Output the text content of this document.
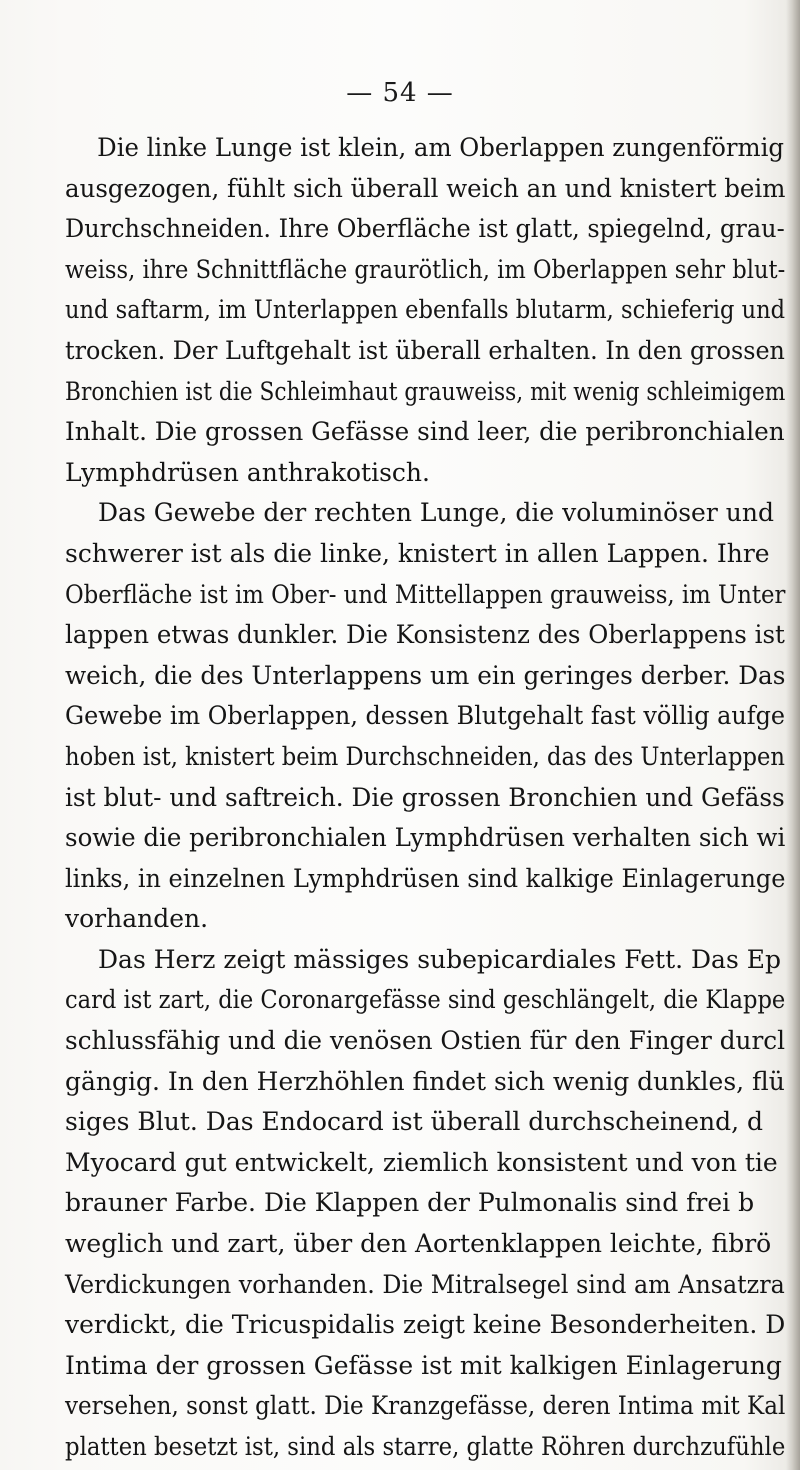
— 54 —
Die linke Lunge ist klein, am Oberlappen zungenförmig
ausgezogen, fühlt sich überall weich an und knistert beim
Durchschneiden. Ihre Oberfläche ist glatt, spiegelnd, grau-
weiss, ihre Schnittfläche graurötlich, im Oberlappen sehr blut-
und saftarm, im Unterlappen ebenfalls blutarm, schieferig und
trocken. Der Luftgehalt ist überall erhalten. In den grossen
Bronchien ist die Schleimhaut grauweiss, mit wenig schleimigem
Inhalt. Die grossen Gefässe sind leer, die peribronchialen
Lymphdrüsen anthrakotisch.
Das Gewebe der rechten Lunge, die voluminöser und
schwerer ist als die linke, knistert in allen Lappen. Ihre
Oberfläche ist im Ober- und Mittellappen grauweiss, im Unter
lappen etwas dunkler. Die Konsistenz des Oberlappens ist
weich, die des Unterlappens um ein geringes derber. Das
Gewebe im Oberlappen, dessen Blutgehalt fast völlig aufge
hoben ist, knistert beim Durchschneiden, das des Unterlappen
ist blut- und saftreich. Die grossen Bronchien und Gefäss
sowie die peribronchialen Lymphdrüsen verhalten sich wi
links, in einzelnen Lymphdrüsen sind kalkige Einlagerunge
vorhanden.
Das Herz zeigt mässiges subepicardiales Fett. Das Ep
card ist zart, die Coronargefässe sind geschlängelt, die Klappe
schlussfähig und die venösen Ostien für den Finger durcl
gängig. In den Herzhöhlen findet sich wenig dunkles, flü
siges Blut. Das Endocard ist überall durchscheinend, d
Myocard gut entwickelt, ziemlich konsistent und von tie
brauner Farbe. Die Klappen der Pulmonalis sind frei b
weglich und zart, über den Aortenklappen leichte, fibrö
Verdickungen vorhanden. Die Mitralsegel sind am Ansatzra
verdickt, die Tricuspidalis zeigt keine Besonderheiten. D
Intima der grossen Gefässe ist mit kalkigen Einlagerung
versehen, sonst glatt. Die Kranzgefässe, deren Intima mit Kal
platten besetzt ist, sind als starre, glatte Röhren durchzufühle
